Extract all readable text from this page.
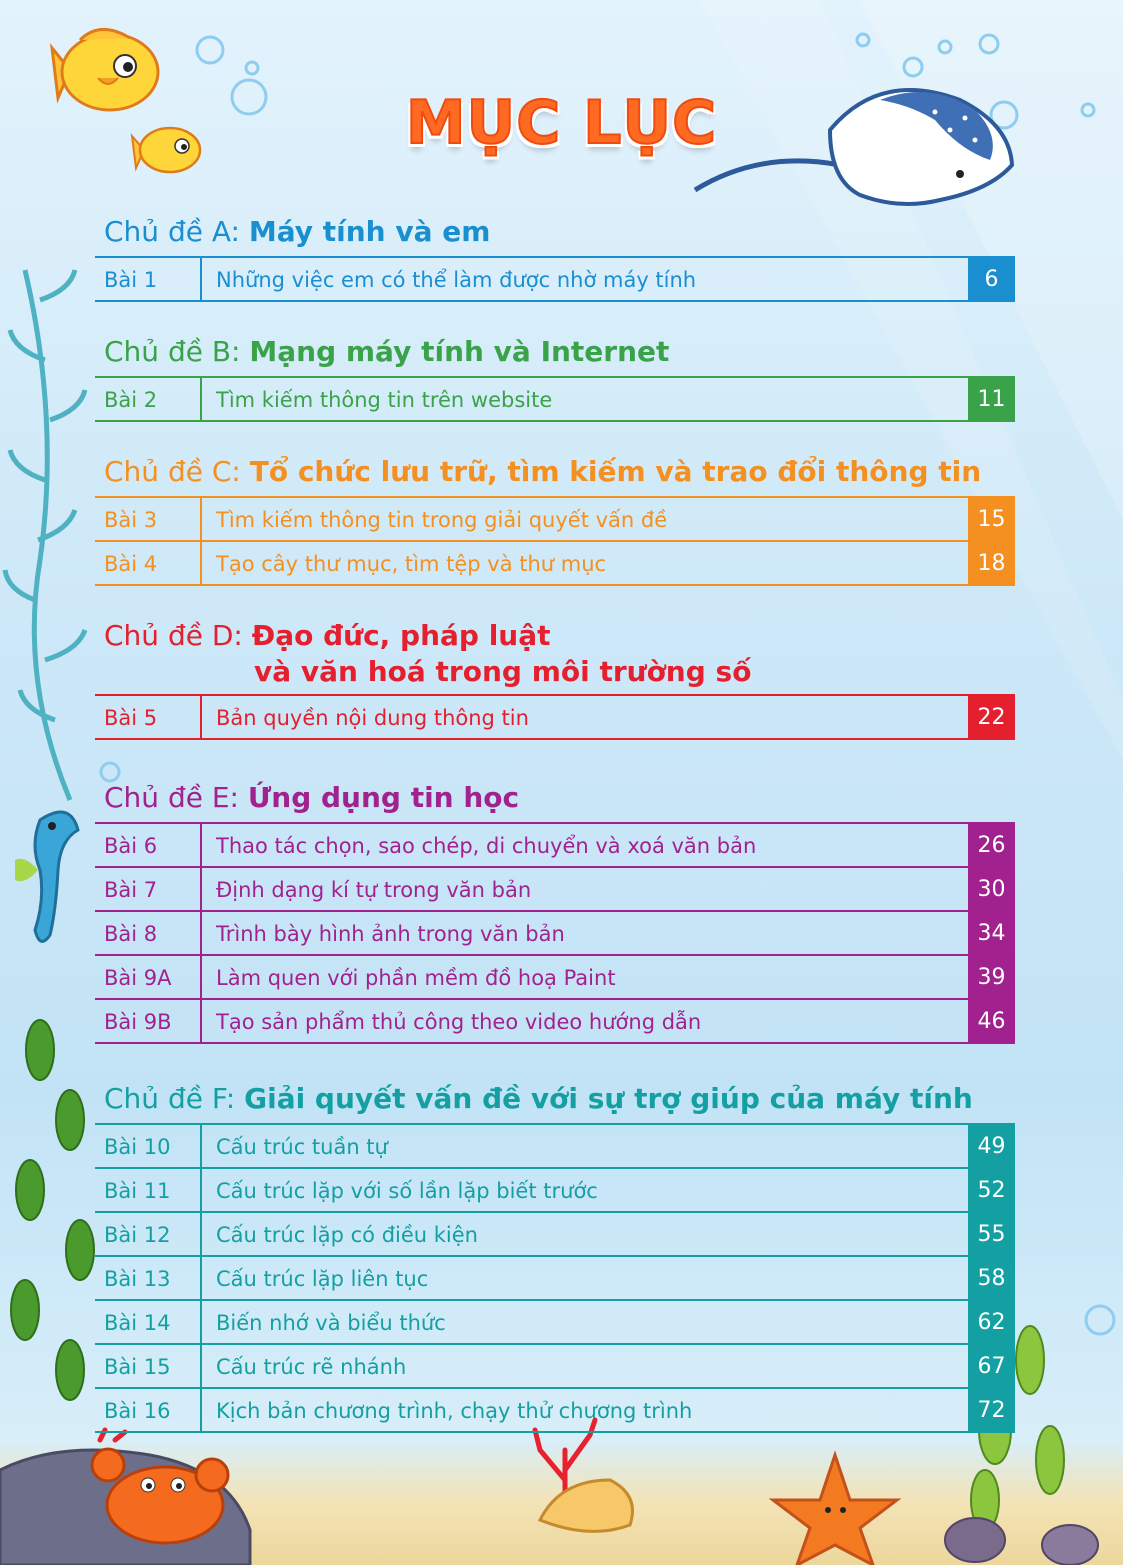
MỤC LỤC
Chủ đề A: Máy tính và em
Bài 1	Những việc em có thể làm được nhờ máy tính	6
Chủ đề B: Mạng máy tính và Internet
Bài 2	Tìm kiếm thông tin trên website	11
Chủ đề C: Tổ chức lưu trữ, tìm kiếm và trao đổi thông tin
Bài 3	Tìm kiếm thông tin trong giải quyết vấn đề	15
Bài 4	Tạo cây thư mục, tìm tệp và thư mục	18
Chủ đề D: Đạo đức, pháp luật
và văn hoá trong môi trường số
Bài 5	Bản quyền nội dung thông tin	22
Chủ đề E: Ứng dụng tin học
Bài 6	Thao tác chọn, sao chép, di chuyển và xoá văn bản	26
Bài 7	Định dạng kí tự trong văn bản	30
Bài 8	Trình bày hình ảnh trong văn bản	34
Bài 9A Làm quen với phần mềm đồ hoạ Paint	39
Bài 9B Tạo sản phẩm thủ công theo video hướng dẫn	46
Chủ đề F: Giải quyết vấn đề với sự trợ giúp của máy tính
Bài 10 Cấu trúc tuần tự	49
Bài 11 Cấu trúc lặp với số lần lặp biết trước	52
Bài 12 Cấu trúc lặp có điều kiện	55
Bài 13 Cấu trúc lặp liên tục	58
Bài 14 Biến nhớ và biểu thức	62
Bài 15 Cấu trúc rẽ nhánh	67
Bài 16 Kịch bản chương trình, chạy thử chương trình	72
